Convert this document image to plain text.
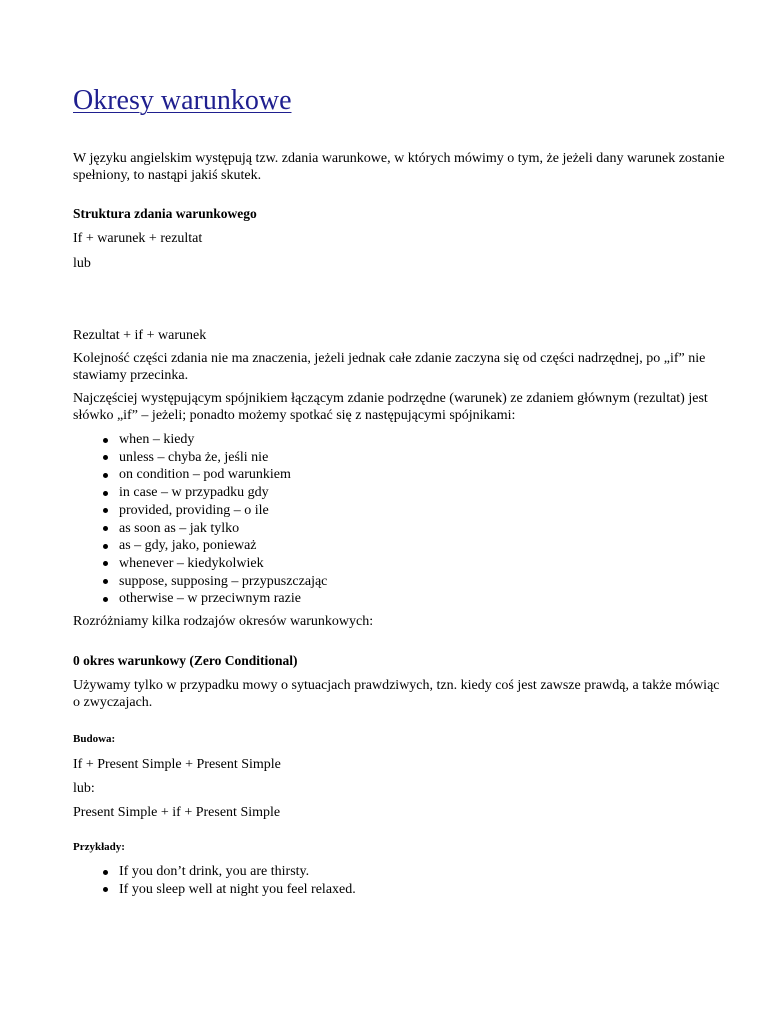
Okresy warunkowe

W języku angielskim występują tzw. zdania warunkowe, w których mówimy o tym, że jeżeli dany warunek zostanie spełniony, to nastąpi jakiś skutek.

Struktura zdania warunkowego

If + warunek + rezultat

lub

Rezultat + if + warunek

Kolejność części zdania nie ma znaczenia, jeżeli jednak całe zdanie zaczyna się od części nadrzędnej, po „if” nie stawiamy przecinka.

Najczęściej występującym spójnikiem łączącym zdanie podrzędne (warunek) ze zdaniem głównym (rezultat) jest słówko „if” – jeżeli; ponadto możemy spotkać się z następującymi spójnikami:

when – kiedy
unless – chyba że, jeśli nie
on condition – pod warunkiem
in case – w przypadku gdy
provided, providing – o ile
as soon as – jak tylko
as – gdy, jako, ponieważ
whenever – kiedykolwiek
suppose, supposing – przypuszczając
otherwise – w przeciwnym razie

Rozróżniamy kilka rodzajów okresów warunkowych:

0 okres warunkowy (Zero Conditional)

Używamy tylko w przypadku mowy o sytuacjach prawdziwych, tzn. kiedy coś jest zawsze prawdą, a także mówiąc o zwyczajach.

Budowa:

If + Present Simple + Present Simple

lub:

Present Simple + if + Present Simple

Przykłady:

If you don’t drink, you are thirsty.
If you sleep well at night you feel relaxed.
